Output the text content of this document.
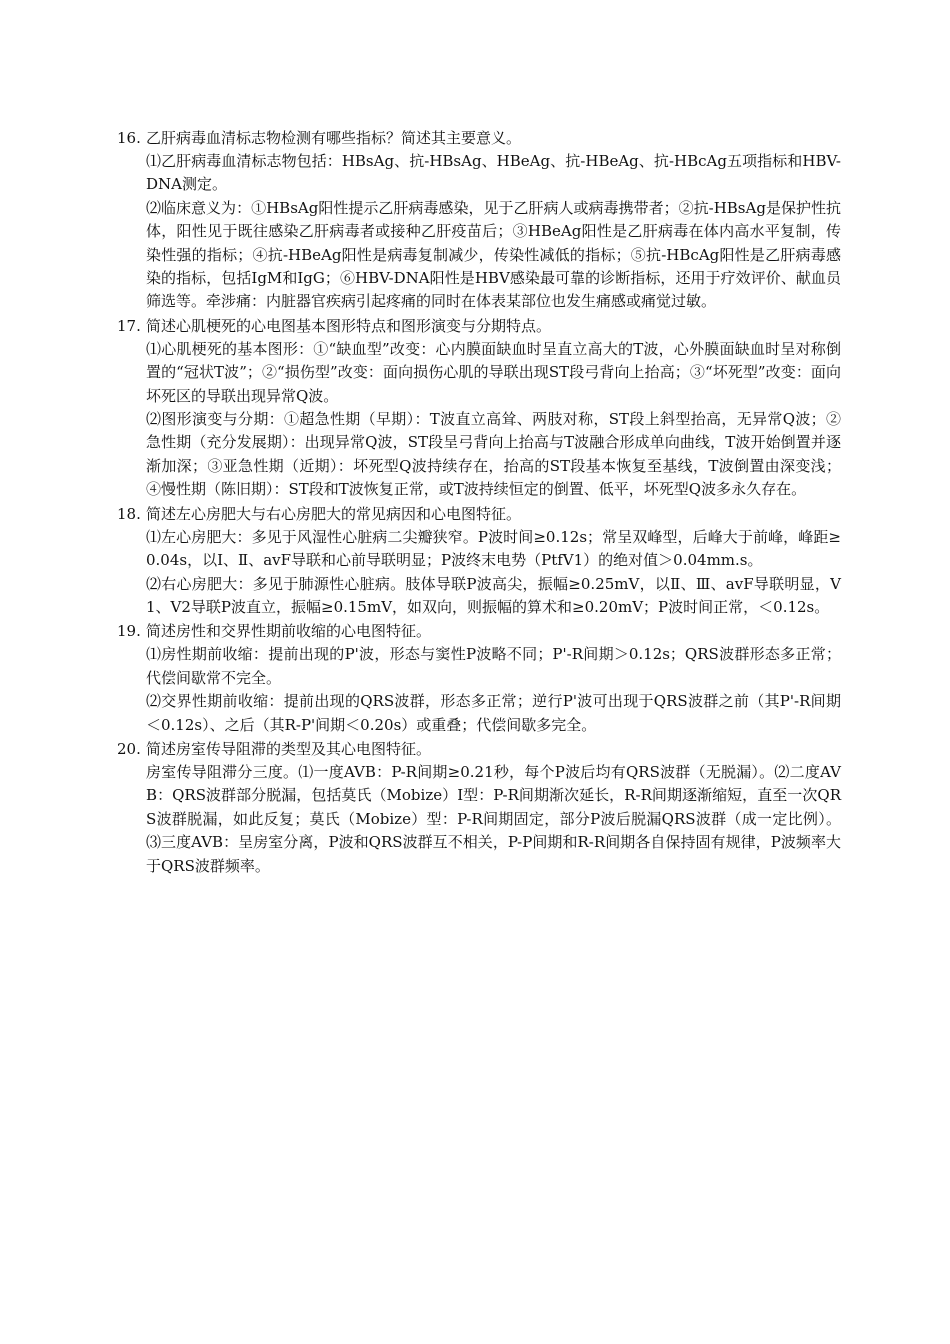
16. 乙肝病毒血清标志物检测有哪些指标？简述其主要意义。
⑴乙肝病毒血清标志物包括：HBsAg、抗-HBsAg、HBeAg、抗-HBeAg、抗-HBcAg五项指标和HBV-DNA测定。
⑵临床意义为：①HBsAg阳性提示乙肝病毒感染，见于乙肝病人或病毒携带者；②抗-HBsAg是保护性抗体，阳性见于既往感染乙肝病毒者或接种乙肝疫苗后；③HBeAg阳性是乙肝病毒在体内高水平复制，传染性强的指标；④抗-HBeAg阳性是病毒复制减少，传染性减低的指标；⑤抗-HBcAg阳性是乙肝病毒感染的指标，包括IgM和IgG；⑥HBV-DNA阳性是HBV感染最可靠的诊断指标，还用于疗效评价、献血员筛选等。牵涉痛：内脏器官疾病引起疼痛的同时在体表某部位也发生痛感或痛觉过敏。
17. 简述心肌梗死的心电图基本图形特点和图形演变与分期特点。
⑴心肌梗死的基本图形：①“缺血型”改变：心内膜面缺血时呈直立高大的T波，心外膜面缺血时呈对称倒置的“冠状T波”；②“损伤型”改变：面向损伤心肌的导联出现ST段弓背向上抬高；③“坏死型”改变：面向坏死区的导联出现异常Q波。
⑵图形演变与分期：①超急性期（早期）：T波直立高耸、两肢对称，ST段上斜型抬高，无异常Q波；②急性期（充分发展期）：出现异常Q波，ST段呈弓背向上抬高与T波融合形成单向曲线，T波开始倒置并逐渐加深；③亚急性期（近期）：坏死型Q波持续存在，抬高的ST段基本恢复至基线，T波倒置由深变浅；④慢性期（陈旧期）：ST段和T波恢复正常，或T波持续恒定的倒置、低平，坏死型Q波多永久存在。
18. 简述左心房肥大与右心房肥大的常见病因和心电图特征。
⑴左心房肥大：多见于风湿性心脏病二尖瓣狭窄。P波时间≥0.12s；常呈双峰型，后峰大于前峰，峰距≥0.04s，以Ⅰ、Ⅱ、avF导联和心前导联明显；P波终末电势（PtfV1）的绝对值＞0.04mm.s。
⑵右心房肥大：多见于肺源性心脏病。肢体导联P波高尖，振幅≥0.25mV，以Ⅱ、Ⅲ、avF导联明显，V1、V2导联P波直立，振幅≥0.15mV，如双向，则振幅的算术和≥0.20mV；P波时间正常，＜0.12s。
19. 简述房性和交界性期前收缩的心电图特征。
⑴房性期前收缩：提前出现的P'波，形态与窦性P波略不同；P'-R间期＞0.12s；QRS波群形态多正常；代偿间歇常不完全。
⑵交界性期前收缩：提前出现的QRS波群，形态多正常；逆行P'波可出现于QRS波群之前（其P'-R间期＜0.12s）、之后（其R-P'间期＜0.20s）或重叠；代偿间歇多完全。
20. 简述房室传导阻滞的类型及其心电图特征。
房室传导阻滞分三度。⑴一度AVB：P-R间期≥0.21秒，每个P波后均有QRS波群（无脱漏）。⑵二度AVB：QRS波群部分脱漏，包括莫氏（Mobize）Ⅰ型：P-R间期渐次延长，R-R间期逐渐缩短，直至一次QRS波群脱漏，如此反复；莫氏（Mobize）型：P-R间期固定，部分P波后脱漏QRS波群（成一定比例）。⑶三度AVB：呈房室分离，P波和QRS波群互不相关，P-P间期和R-R间期各自保持固有规律，P波频率大于QRS波群频率。
